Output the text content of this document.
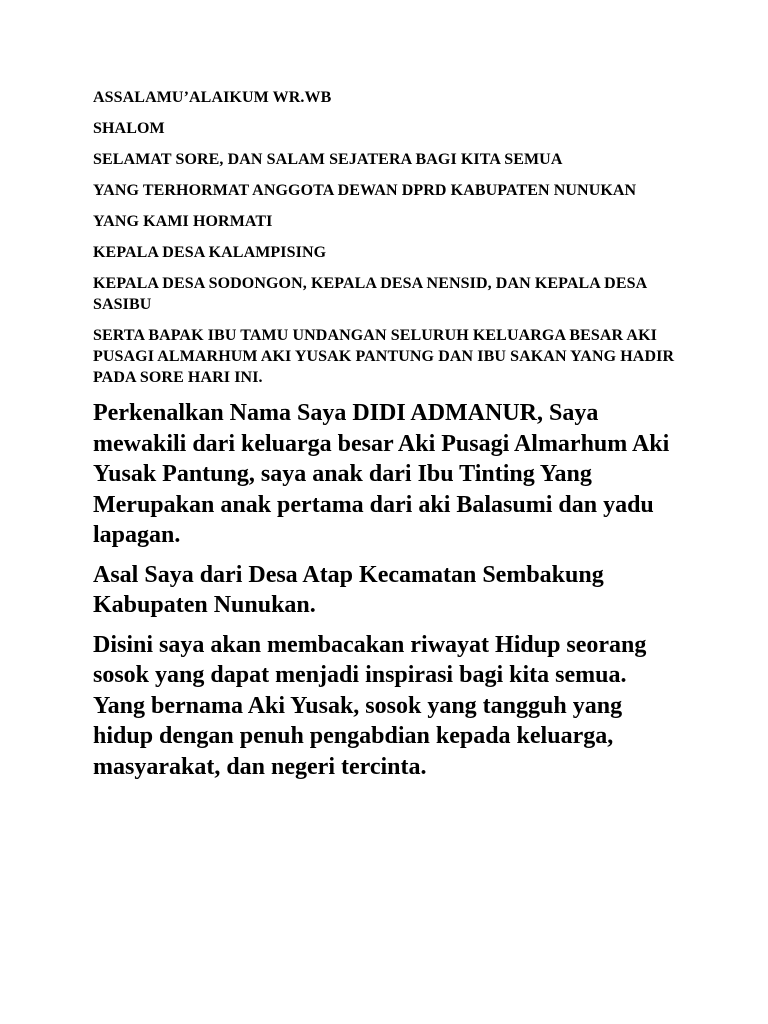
ASSALAMU’ALAIKUM WR.WB

SHALOM

SELAMAT SORE, DAN SALAM SEJATERA BAGI KITA SEMUA

YANG TERHORMAT ANGGOTA DEWAN DPRD KABUPATEN NUNUKAN

YANG KAMI HORMATI

KEPALA DESA KALAMPISING

KEPALA DESA SODONGON, KEPALA DESA NENSID, DAN KEPALA DESA SASIBU

SERTA BAPAK IBU TAMU UNDANGAN SELURUH KELUARGA BESAR AKI PUSAGI ALMARHUM AKI YUSAK PANTUNG DAN IBU SAKAN YANG HADIR PADA SORE HARI INI.

Perkenalkan Nama Saya DIDI ADMANUR, Saya mewakili dari keluarga besar Aki Pusagi Almarhum Aki Yusak Pantung, saya anak dari Ibu Tinting Yang Merupakan anak pertama dari aki Balasumi dan yadu lapagan.

Asal Saya dari Desa Atap Kecamatan Sembakung Kabupaten Nunukan.

Disini saya akan membacakan riwayat Hidup seorang sosok yang dapat menjadi inspirasi bagi kita semua. Yang bernama Aki Yusak, sosok yang tangguh yang hidup dengan penuh pengabdian kepada keluarga, masyarakat, dan negeri tercinta.
